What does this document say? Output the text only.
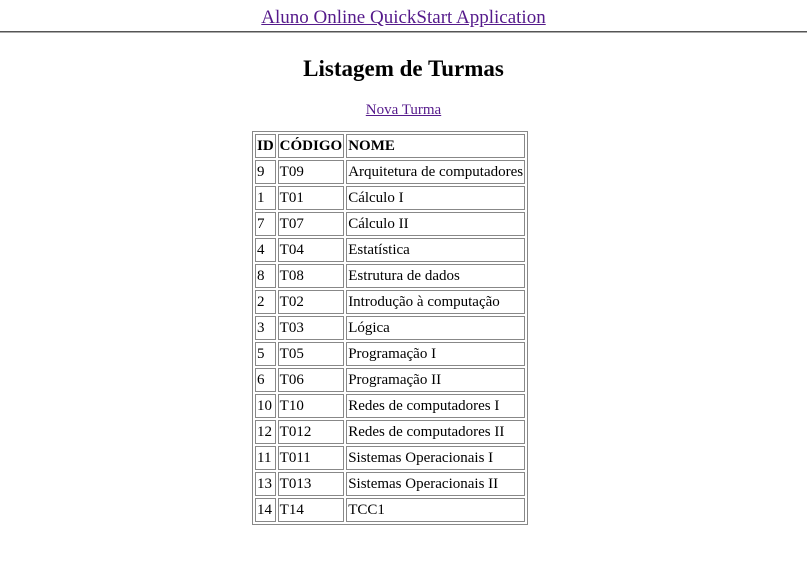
Aluno Online QuickStart Application
Listagem de Turmas
Nova Turma
ID	CÓDIGO	NOME
9	T09	Arquitetura de computadores
1	T01	Cálculo I
7	T07	Cálculo II
4	T04	Estatística
8	T08	Estrutura de dados
2	T02	Introdução à computação
3	T03	Lógica
5	T05	Programação I
6	T06	Programação II
10	T10	Redes de computadores I
12	T012	Redes de computadores II
11	T011	Sistemas Operacionais I
13	T013	Sistemas Operacionais II
14	T14	TCC1
